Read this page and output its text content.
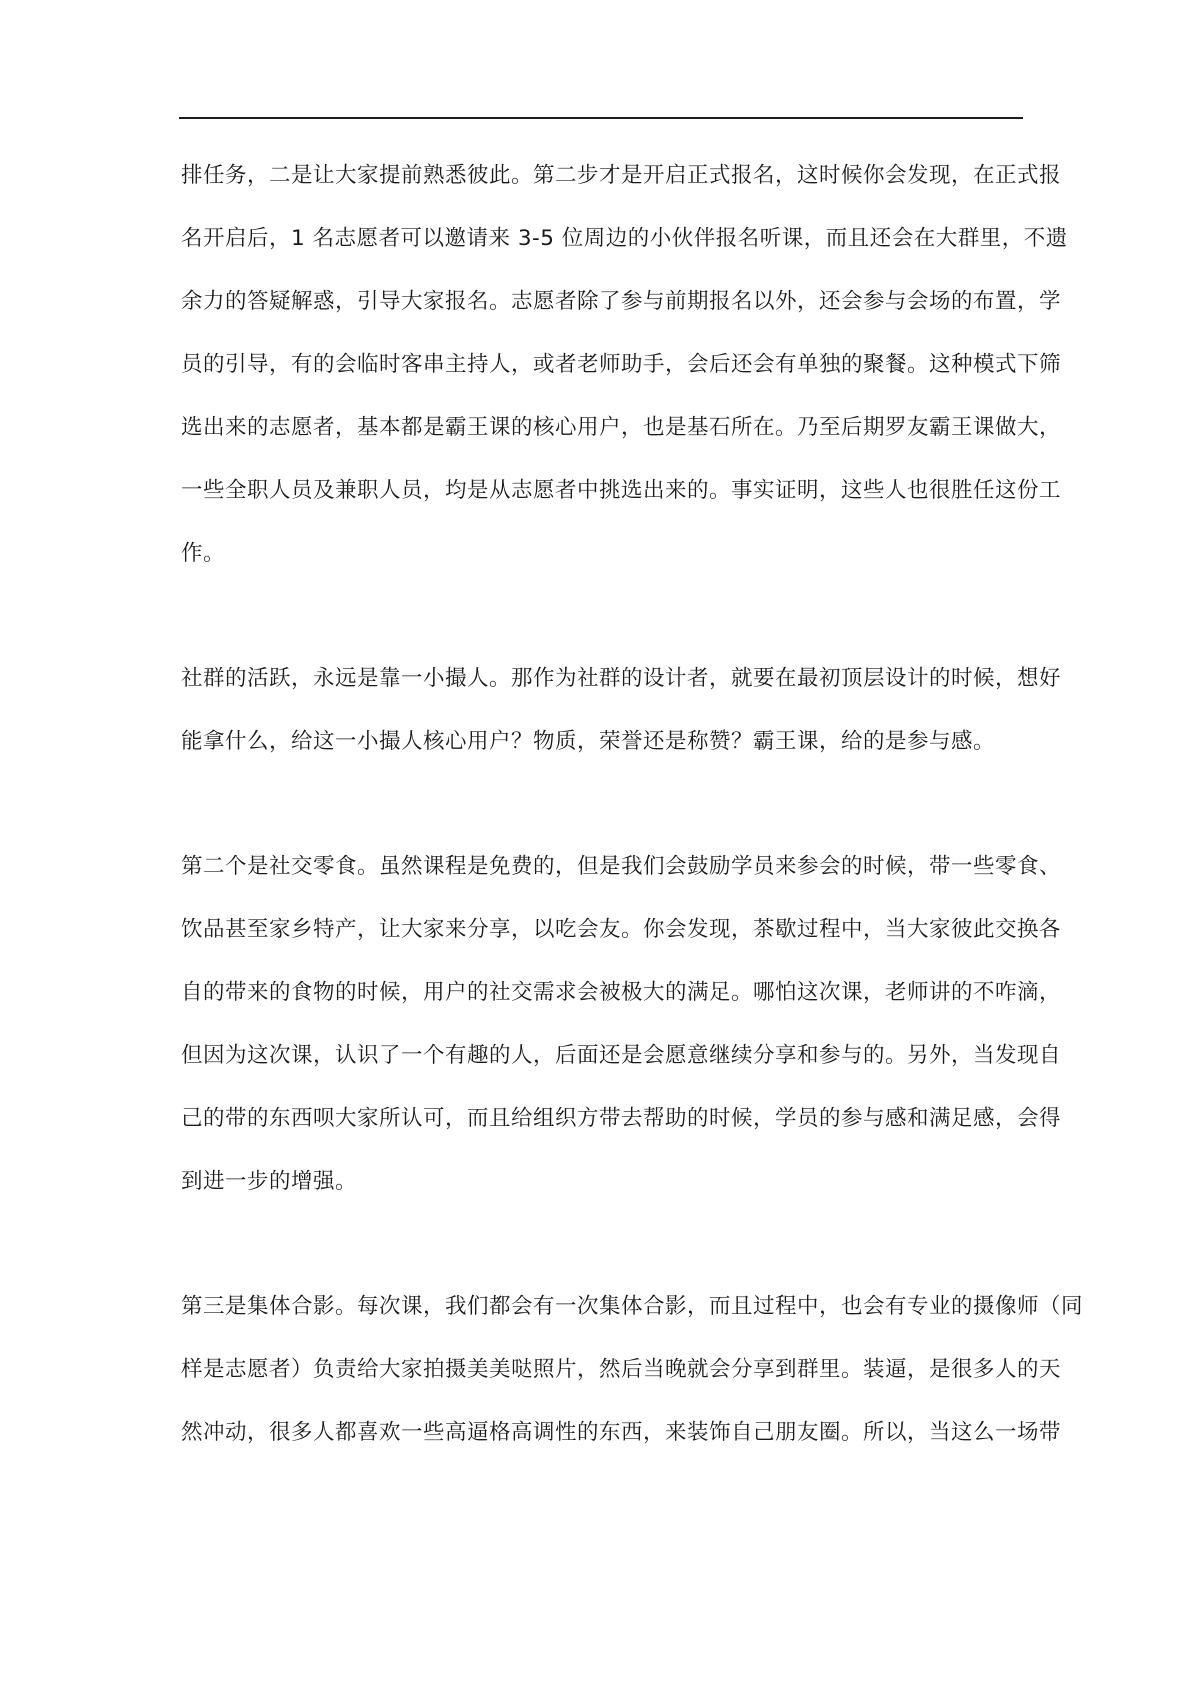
排任务，二是让大家提前熟悉彼此。第二步才是开启正式报名，这时候你会发现，在正式报
名开启后，1 名志愿者可以邀请来 3-5 位周边的小伙伴报名听课，而且还会在大群里，不遗
余力的答疑解惑，引导大家报名。志愿者除了参与前期报名以外，还会参与会场的布置，学
员的引导，有的会临时客串主持人，或者老师助手，会后还会有单独的聚餐。这种模式下筛
选出来的志愿者，基本都是霸王课的核心用户，也是基石所在。乃至后期罗友霸王课做大，
一些全职人员及兼职人员，均是从志愿者中挑选出来的。事实证明，这些人也很胜任这份工
作。

社群的活跃，永远是靠一小撮人。那作为社群的设计者，就要在最初顶层设计的时候，想好
能拿什么，给这一小撮人核心用户？物质，荣誉还是称赞？霸王课，给的是参与感。

第二个是社交零食。虽然课程是免费的，但是我们会鼓励学员来参会的时候，带一些零食、
饮品甚至家乡特产，让大家来分享，以吃会友。你会发现，茶歇过程中，当大家彼此交换各
自的带来的食物的时候，用户的社交需求会被极大的满足。哪怕这次课，老师讲的不咋滴，
但因为这次课，认识了一个有趣的人，后面还是会愿意继续分享和参与的。另外，当发现自
己的带的东西呗大家所认可，而且给组织方带去帮助的时候，学员的参与感和满足感，会得
到进一步的增强。

第三是集体合影。每次课，我们都会有一次集体合影，而且过程中，也会有专业的摄像师（同
样是志愿者）负责给大家拍摄美美哒照片，然后当晚就会分享到群里。装逼，是很多人的天
然冲动，很多人都喜欢一些高逼格高调性的东西，来装饰自己朋友圈。所以，当这么一场带
